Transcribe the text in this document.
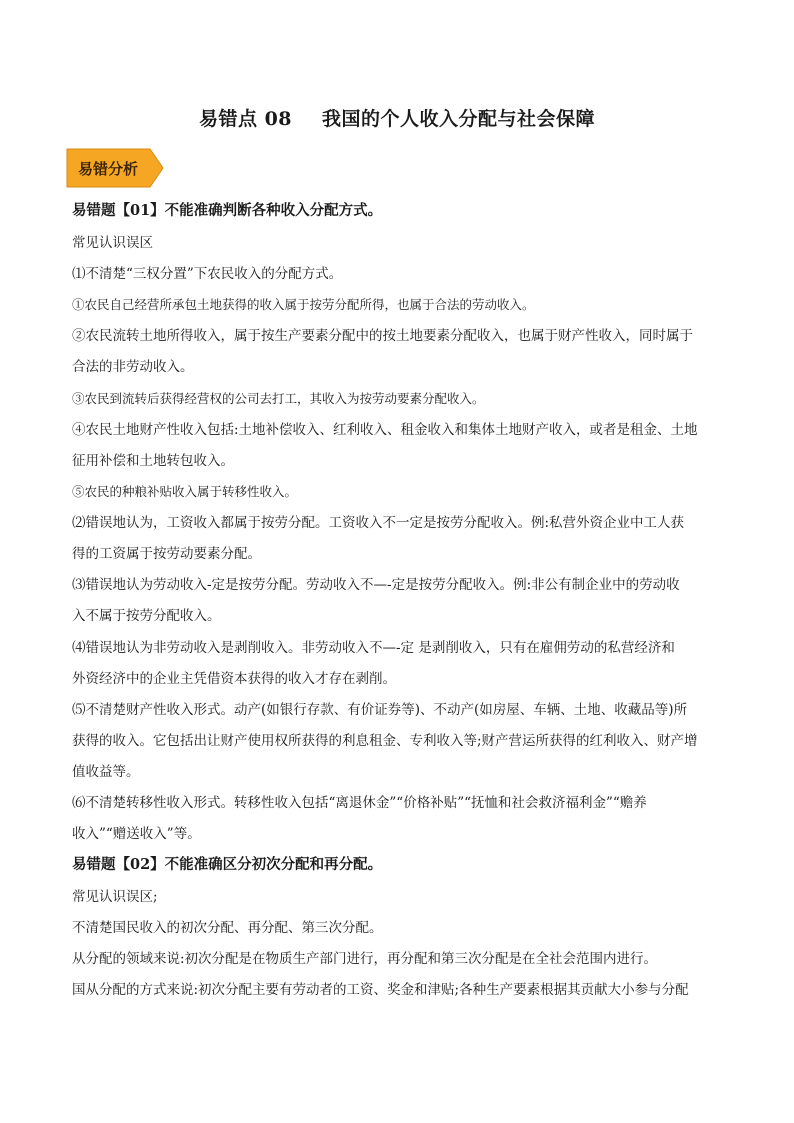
易错点 08 我国的个人收入分配与社会保障
易错分析
易错题【01】不能准确判断各种收入分配方式。
常见认识误区
⑴不清楚“三权分置”下农民收入的分配方式。
①农民自己经营所承包土地获得的收入属于按劳分配所得，也属于合法的劳动收入。
②农民流转土地所得收入，属于按生产要素分配中的按土地要素分配收入，也属于财产性收入，同时属于
合法的非劳动收入。
③农民到流转后获得经营权的公司去打工，其收入为按劳动要素分配收入。
④农民土地财产性收入包括:土地补偿收入、红利收入、租金收入和集体土地财产收入，或者是租金、土地
征用补偿和土地转包收入。
⑤农民的种粮补贴收入属于转移性收入。
⑵错误地认为，工资收入都属于按劳分配。工资收入不一定是按劳分配收入。例:私营外资企业中工人获
得的工资属于按劳动要素分配。
⑶错误地认为劳动收入-定是按劳分配。劳动收入不—-定是按劳分配收入。例:非公有制企业中的劳动收
入不属于按劳分配收入。
⑷错误地认为非劳动收入是剥削收入。非劳动收入不—-定 是剥削收入，只有在雇佣劳动的私营经济和
外资经济中的企业主凭借资本获得的收入才存在剥削。
⑸不清楚财产性收入形式。动产(如银行存款、有价证券等)、不动产(如房屋、车辆、土地、收藏品等)所
获得的收入。它包括出让财产使用权所获得的利息租金、专利收入等;财产营运所获得的红利收入、财产增
值收益等。
⑹不清楚转移性收入形式。转移性收入包括“离退休金”“价格补贴”“抚恤和社会救济福利金”“赡养
收入”“赠送收入”等。
易错题【02】不能准确区分初次分配和再分配。
常见认识误区;
不清楚国民收入的初次分配、再分配、第三次分配。
从分配的领域来说:初次分配是在物质生产部门进行，再分配和第三次分配是在全社会范围内进行。
国从分配的方式来说:初次分配主要有劳动者的工资、奖金和津贴;各种生产要素根据其贡献大小参与分配
